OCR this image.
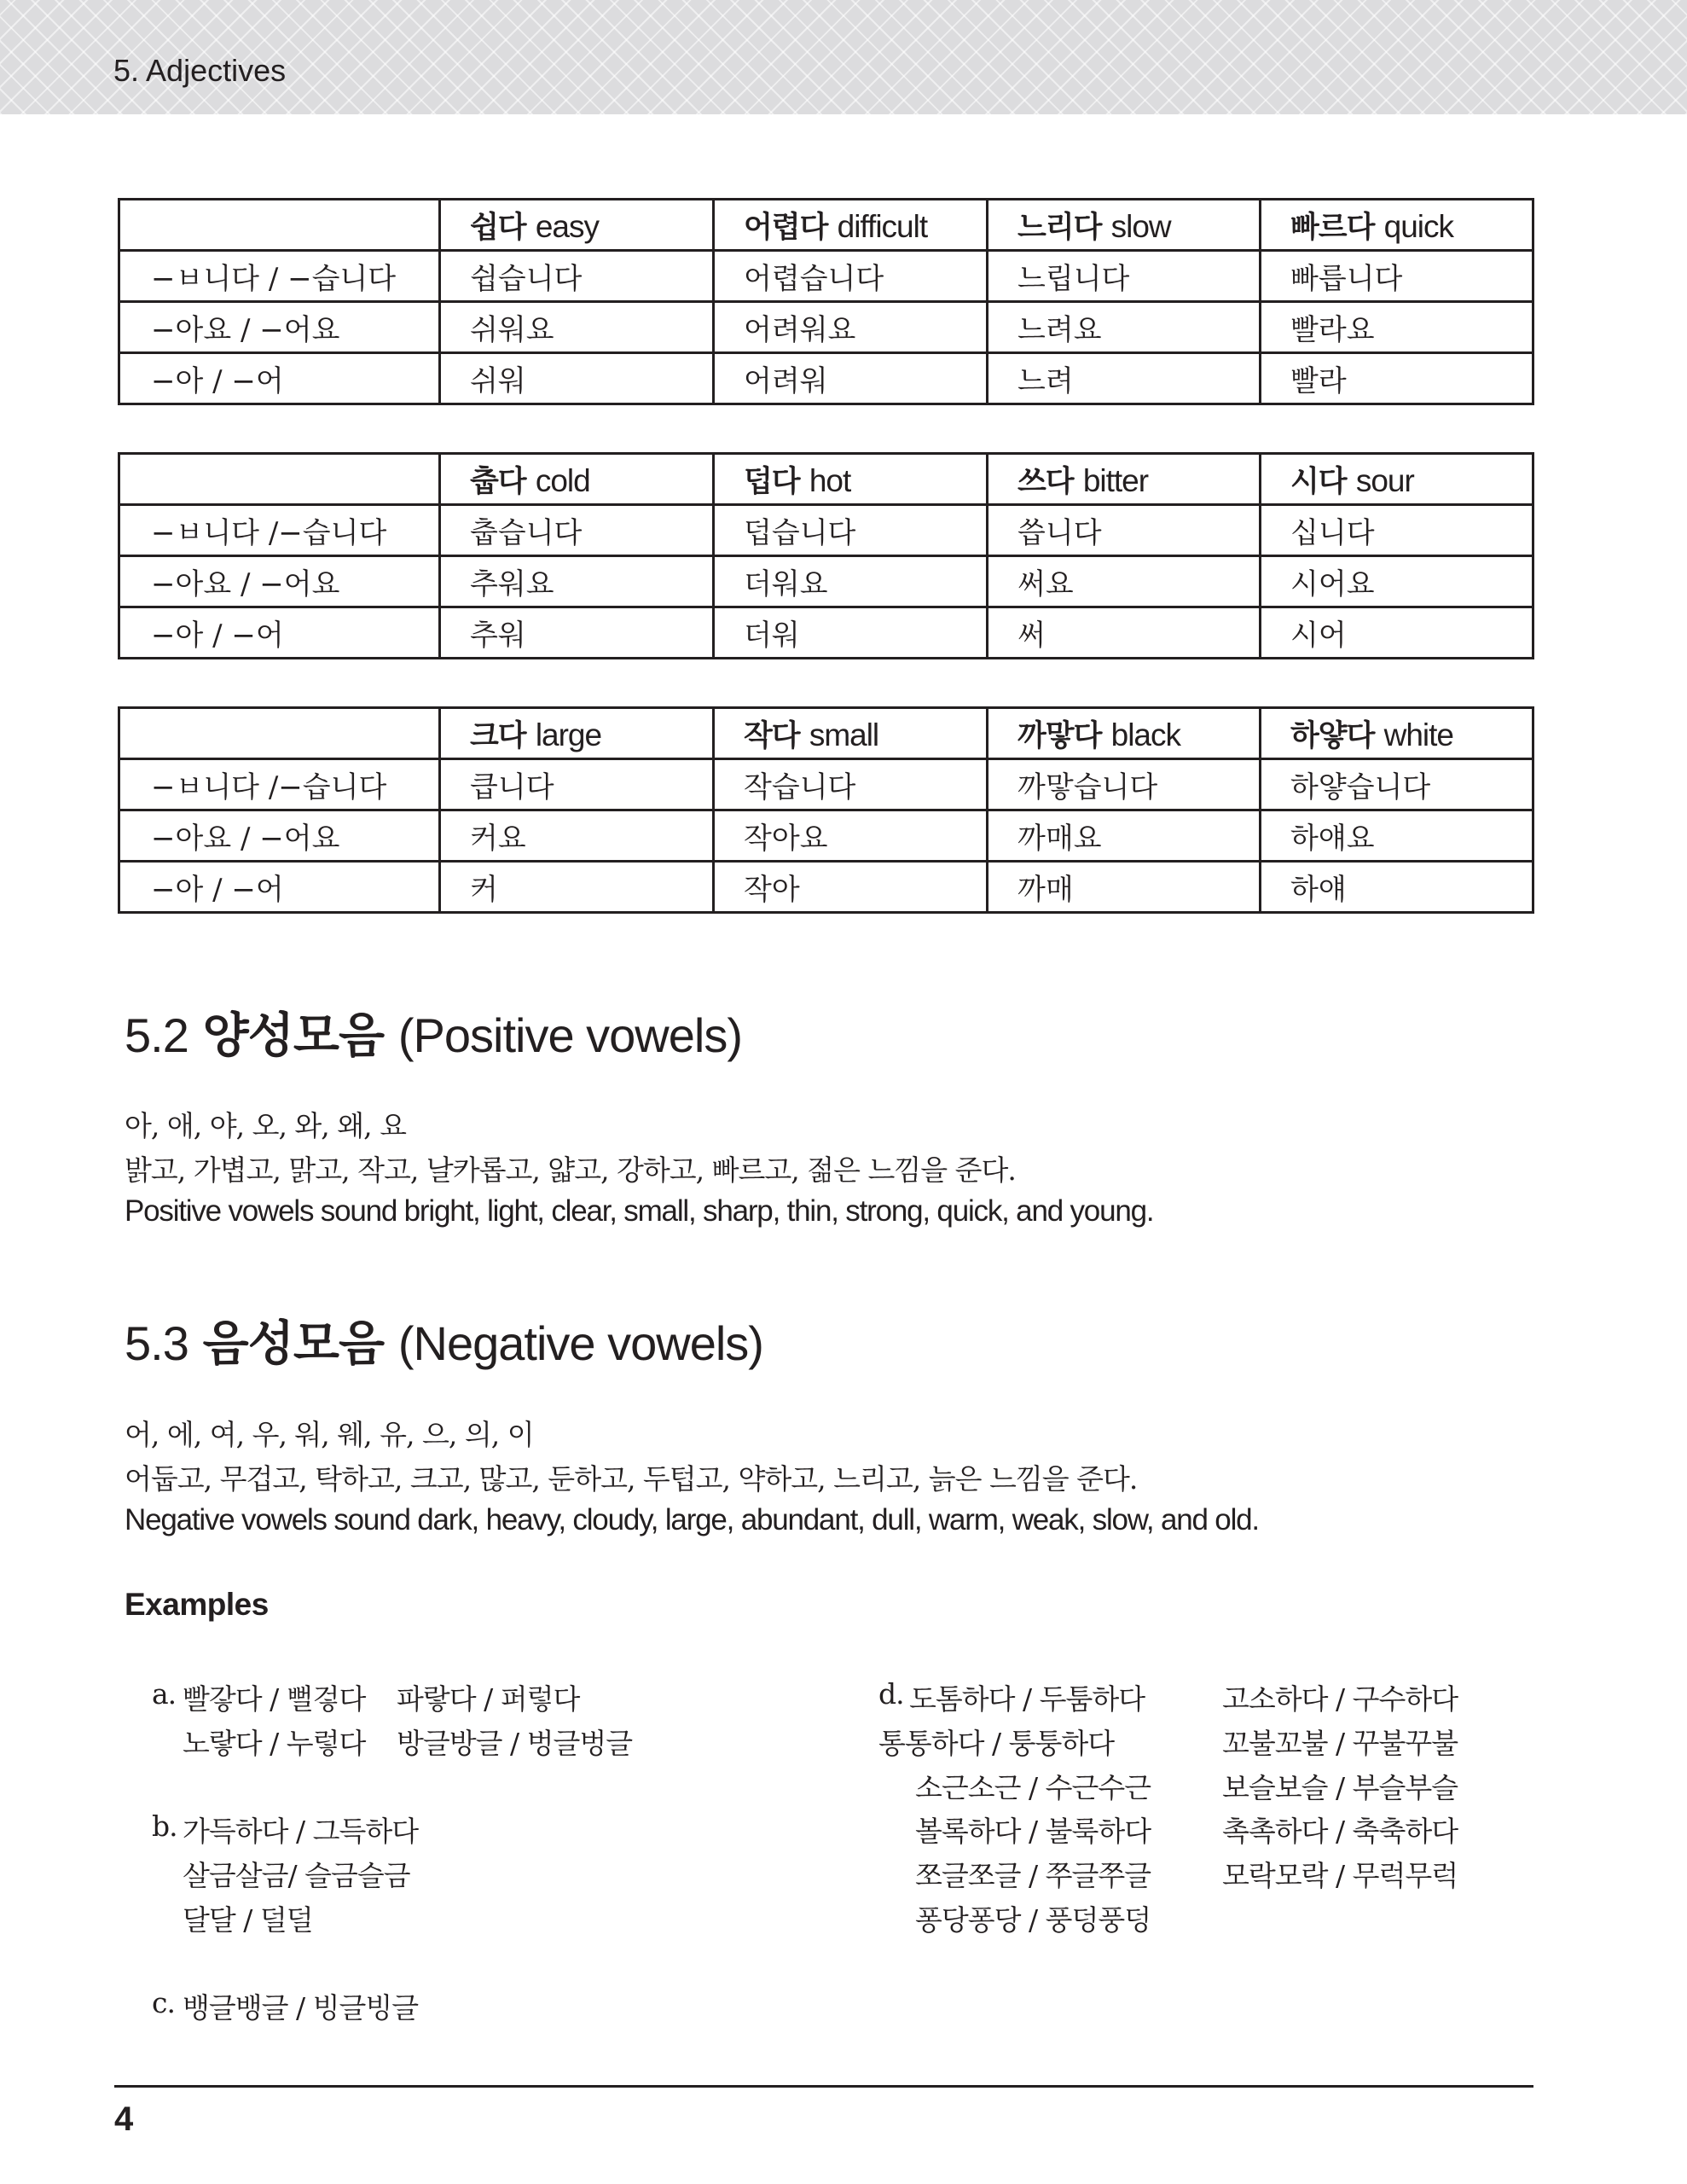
5. Adjectives
	쉽다 easy	어렵다 difficult	느리다 slow	빠르다 quick
−ㅂ니다 / −습니다	쉽습니다	어렵습니다	느립니다	빠릅니다
−아요 / −어요	쉬워요	어려워요	느려요	빨라요
−아 / −어	쉬워	어려워	느려	빨라
	춥다 cold	덥다 hot	쓰다 bitter	시다 sour
−ㅂ니다 /−습니다	춥습니다	덥습니다	씁니다	십니다
−아요 / −어요	추워요	더워요	써요	시어요
−아 / −어	추워	더워	써	시어
	크다 large	작다 small	까맣다 black	하얗다 white
−ㅂ니다 /−습니다	큽니다	작습니다	까맣습니다	하얗습니다
−아요 / −어요	커요	작아요	까매요	하얘요
−아 / −어	커	작아	까매	하얘
5.2 양성모음 (Positive vowels)

아, 애, 야, 오, 와, 왜, 요

밝고, 가볍고, 맑고, 작고, 날카롭고, 얇고, 강하고, 빠르고, 젊은 느낌을 준다.

Positive vowels sound bright, light, clear, small, sharp, thin, strong, quick, and young.

5.3 음성모음 (Negative vowels)

어, 에, 여, 우, 워, 웨, 유, 으, 의, 이

어둡고, 무겁고, 탁하고, 크고, 많고, 둔하고, 두텁고, 약하고, 느리고, 늙은 느낌을 준다.

Negative vowels sound dark, heavy, cloudy, large, abundant, dull, warm, weak, slow, and old.

Examples

a. 빨갛다 / 뻘겋다 파랗다 / 퍼렇다

노랗다 / 누렇다 방글방글 / 벙글벙글

b. 가득하다 / 그득하다

살금살금/ 슬금슬금

달달 / 덜덜

c. 뱅글뱅글 / 빙글빙글

d. 도톰하다 / 두툼하다

통통하다 / 퉁퉁하다

소근소근 / 수근수근

볼록하다 / 불룩하다

쪼글쪼글 / 쭈글쭈글

퐁당퐁당 / 풍덩풍덩

고소하다 / 구수하다

꼬불꼬불 / 꾸불꾸불

보슬보슬 / 부슬부슬

촉촉하다 / 축축하다

모락모락 / 무럭무럭

4
